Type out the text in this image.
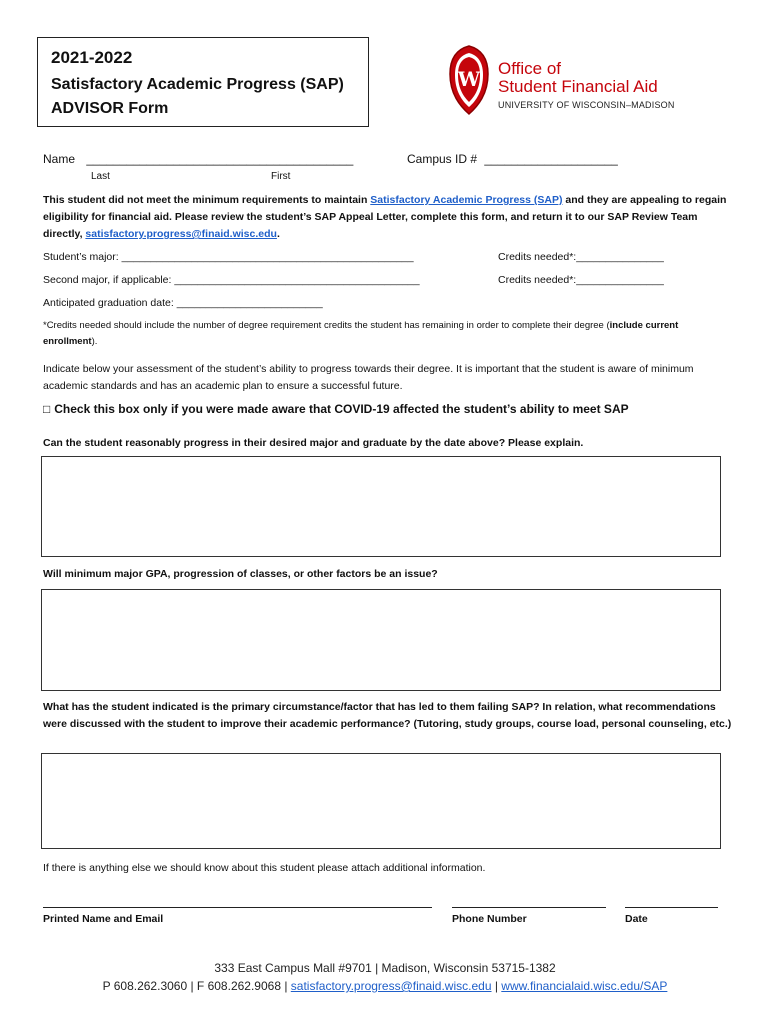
2021-2022
Satisfactory Academic Progress (SAP)
ADVISOR Form
W Office of
Student Financial Aid
UNIVERSITY OF WISCONSIN–MADISON
Name ________________________________________	Campus ID # ____________________
Last	First
This student did not meet the minimum requirements to maintain Satisfactory Academic Progress (SAP) and they are appealing to regain eligibility for financial aid. Please review the student’s SAP Appeal Letter, complete this form, and return it to our SAP Review Team directly, satisfactory.progress@finaid.wisc.edu.
Student’s major: __________________________________________________	Credits needed*:_______________
Second major, if applicable: __________________________________________	Credits needed*:_______________
Anticipated graduation date: _________________________
*Credits needed should include the number of degree requirement credits the student has remaining in order to complete their degree (include current enrollment).
Indicate below your assessment of the student’s ability to progress towards their degree. It is important that the student is aware of minimum academic standards and has an academic plan to ensure a successful future.
□ Check this box only if you were made aware that COVID-19 affected the student’s ability to meet SAP
Can the student reasonably progress in their desired major and graduate by the date above? Please explain.
Will minimum major GPA, progression of classes, or other factors be an issue?
What has the student indicated is the primary circumstance/factor that has led to them failing SAP? In relation, what recommendations were discussed with the student to improve their academic performance? (Tutoring, study groups, course load, personal counseling, etc.)
If there is anything else we should know about this student please attach additional information.
Printed Name and Email	Phone Number	Date
333 East Campus Mall #9701 | Madison, Wisconsin 53715-1382
P 608.262.3060 | F 608.262.9068 | satisfactory.progress@finaid.wisc.edu | www.financialaid.wisc.edu/SAP
